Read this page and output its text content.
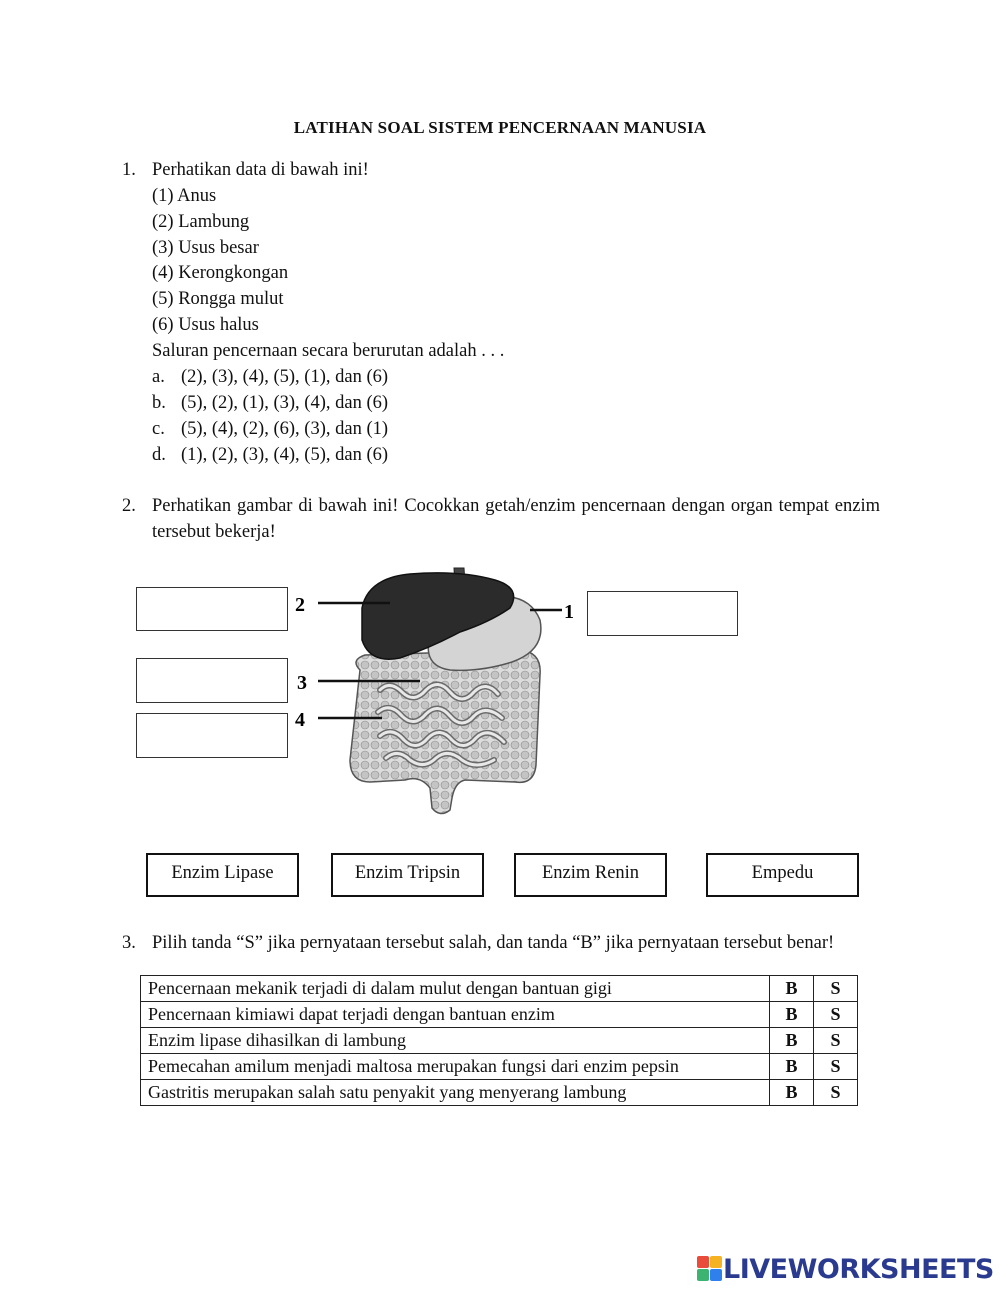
LATIHAN SOAL SISTEM PENCERNAAN MANUSIA
1. Perhatikan data di bawah ini!
(1) Anus
(2) Lambung
(3) Usus besar
(4) Kerongkongan
(5) Rongga mulut
(6) Usus halus
Saluran pencernaan secara berurutan adalah . . .
a. (2), (3), (4), (5), (1), dan (6)
b. (5), (2), (1), (3), (4), dan (6)
c. (5), (4), (2), (6), (3), dan (1)
d. (1), (2), (3), (4), (5), dan (6)
2. Perhatikan gambar di bawah ini! Cocokkan getah/enzim pencernaan dengan organ tempat enzim tersebut bekerja!
2	1
3
4
Enzim Lipase	Enzim Tripsin	Enzim Renin	Empedu
3. Pilih tanda “S” jika pernyataan tersebut salah, dan tanda “B” jika pernyataan tersebut benar!
Pencernaan mekanik terjadi di dalam mulut dengan bantuan gigi	B	S
Pencernaan kimiawi dapat terjadi dengan bantuan enzim	B	S
Enzim lipase dihasilkan di lambung	B	S
Pemecahan amilum menjadi maltosa merupakan fungsi dari enzim pepsin	B	S
Gastritis merupakan salah satu penyakit yang menyerang lambung	B	S
LIVEWORKSHEETS
